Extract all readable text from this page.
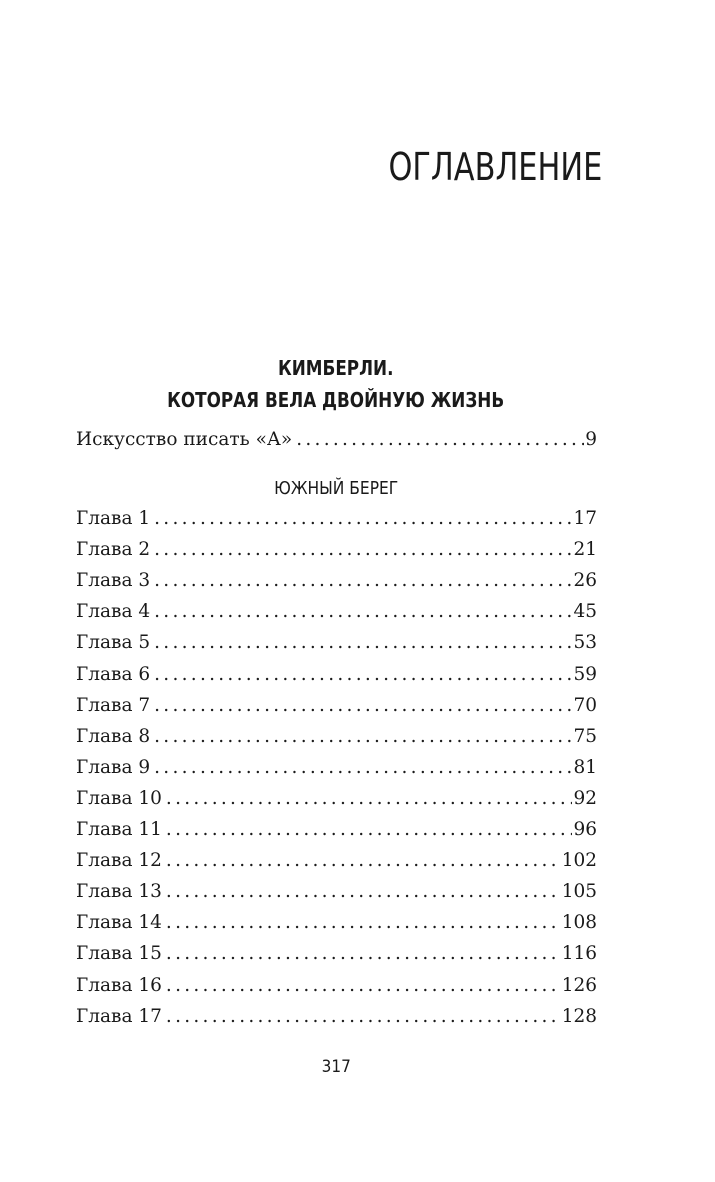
ОГЛАВЛЕНИЕ
КИМБЕРЛИ.
КОТОРАЯ ВЕЛА ДВОЙНУЮ ЖИЗНЬ
Искусство писать «А» . . .	9
ЮЖНЫЙ БЕРЕГ
Глава 1 . . .	17
Глава 2 . . .	21
Глава 3 . . .	26
Глава 4 . . .	45
Глава 5 . . .	53
Глава 6 . . .	59
Глава 7 . . .	70
Глава 8 . . .	75
Глава 9 . . .	81
Глава 10 . . .	92
Глава 11 . . .	96
Глава 12 . . .	102
Глава 13 . . .	105
Глава 14 . . .	108
Глава 15 . . .	116
Глава 16 . . .	126
Глава 17 . . .	128
317
